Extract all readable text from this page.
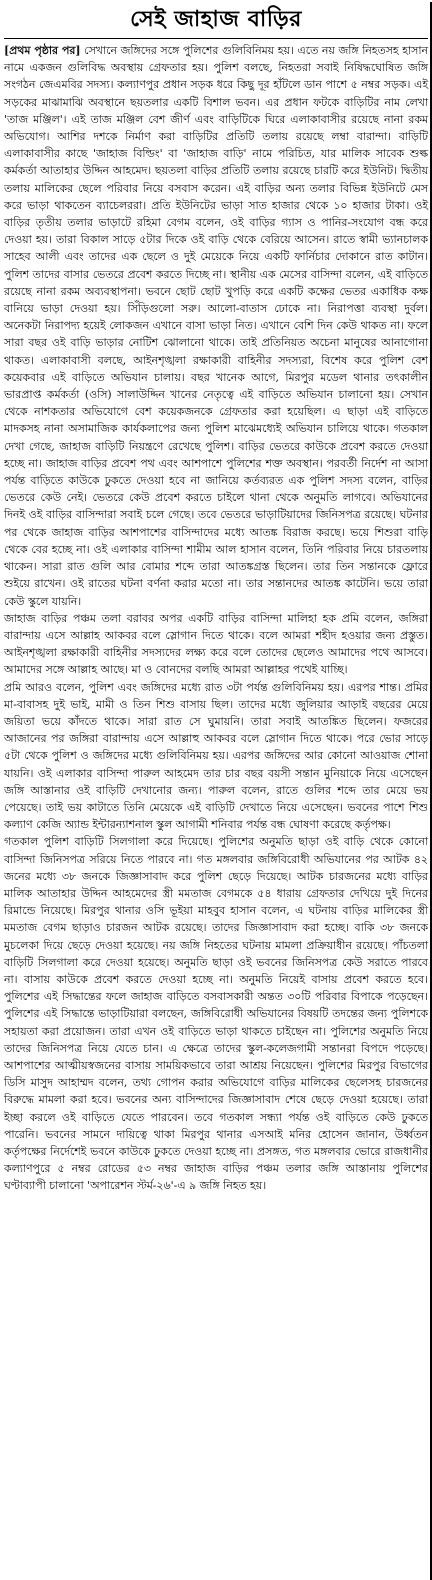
সেই জাহাজ বাড়ির

[প্রথম পৃষ্ঠার পর] সেখানে জঙ্গিদের সঙ্গে পুলিশের গুলিবিনিময় হয়। এতে নয় জঙ্গি নিহতসহ হাসান নামে একজন গুলিবিদ্ধ অবস্থায় গ্রেফতার হয়। পুলিশ বলছে, নিহতরা সবাই নিষিদ্ধঘোষিত জঙ্গি সংগঠন জেএমবির সদস্য। কল্যাণপুর প্রধান সড়ক ধরে কিছু দূর হাঁটলে ডান পাশে ৫ নম্বর সড়ক। এই সড়কের মাঝামাঝি অবস্থানে ছয়তলার একটি বিশাল ভবন। এর প্রধান ফটকে বাড়িটির নাম লেখা 'তাজ মঞ্জিল'। এই তাজ মঞ্জিল বেশ জীর্ণ এবং বাড়িটিকে ঘিরে এলাকাবাসীর রয়েছে নানা রকম অভিযোগ। আশির দশকে নির্মাণ করা বাড়িটির প্রতিটি তলায় রয়েছে লম্বা বারান্দা। বাড়িটি এলাকাবাসীর কাছে 'জাহাজ বিল্ডিং' বা 'জাহাজ বাড়ি' নামে পরিচিত, যার মালিক সাবেক শুল্ক কর্মকর্তা আতাহার উদ্দিন আহমেদ। ছয়তলা বাড়ির প্রতিটি তলায় রয়েছে চারটি করে ইউনিট। দ্বিতীয় তলায় মালিকের ছেলে পরিবার নিয়ে বসবাস করেন। এই বাড়ির অন্য তলার বিভিন্ন ইউনিটে মেস করে ভাড়া থাকতেন ব্যাচেলররা। প্রতি ইউনিটের ভাড়া সাত হাজার থেকে ১০ হাজার টাকা। ওই বাড়ির তৃতীয় তলার ভাড়াটে রহিমা বেগম বলেন, ওই বাড়ির গ্যাস ও পানির-সংযোগ বন্ধ করে দেওয়া হয়। তারা বিকাল সাড়ে ৫টার দিকে ওই বাড়ি থেকে বেরিয়ে আসেন। রাতে স্বামী ভ্যানচালক সাহেব আলী এবং তাদের এক ছেলে ও দুই মেয়েকে নিয়ে একটি ফার্নিচার দোকানে রাত কাটান। পুলিশ তাদের বাসার ভেতরে প্রবেশ করতে দিচ্ছে না। স্থানীয় এক মেসের বাসিন্দা বলেন, এই বাড়িতে রয়েছে নানা রকম অব্যবস্থাপনা। ভবনে ছোট ছোট খুপড়ি করে একটি কক্ষের ভেতর একাধিক কক্ষ বানিয়ে ভাড়া দেওয়া হয়। সিঁড়িগুলো সরু। আলো-বাতাস ঢোকে না। নিরাপত্তা ব্যবস্থা দুর্বল। অনেকটা নিরাপদ্য হয়েই লোকজন এখানে বাসা ভাড়া নিত। এখানে বেশি দিন কেউ থাকত না। ফলে সারা বছর ওই বাড়ি ভাড়ার নোটিশ ঝোলানো থাকে। তাই প্রতিনিয়ত অচেনা মানুষের আনাগোনা থাকত। এলাকাবাসী বলছে, আইনশৃঙ্খলা রক্ষাকারী বাহিনীর সদস্যরা, বিশেষ করে পুলিশ বেশ কয়েকবার এই বাড়িতে অভিযান চালায়। বছর খানেক আগে, মিরপুর মডেল থানার তৎকালীন ভারপ্রাপ্ত কর্মকর্তা (ওসি) সালাউদ্দিন খানের নেতৃত্বে এই বাড়িতে অভিযান চালানো হয়। সেখান থেকে নাশকতার অভিযোগে বেশ কয়েকজনকে গ্রেফতার করা হয়েছিল। এ ছাড়া এই বাড়িতে মাদকসহ নানা অসামাজিক কার্যকলাপের জন্য পুলিশ মাঝেমধ্যেই অভিযান চালিয়ে থাকে। গতকাল দেখা গেছে, জাহাজ বাড়িটি নিয়ন্ত্রণে রেখেছে পুলিশ। বাড়ির ভেতরে কাউকে প্রবেশ করতে দেওয়া হচ্ছে না। জাহাজ বাড়ির প্রবেশ পথ এবং আশপাশে পুলিশের শক্ত অবস্থান। পরবর্তী নির্দেশ না আসা পর্যন্ত বাড়িতে কাউকে ঢুকতে দেওয়া হবে না জানিয়ে কর্তব্যরত এক পুলিশ সদস্য বলেন, বাড়ির ভেতরে কেউ নেই। ভেতরে কেউ প্রবেশ করতে চাইলে থানা থেকে অনুমতি লাগবে। অভিযানের দিনই ওই বাড়ির বাসিন্দারা সবাই চলে গেছে। তবে ভেতরে ভাড়াটিয়াদের জিনিসপত্র রয়েছে। ঘটনার পর থেকে জাহাজ বাড়ির আশপাশের বাসিন্দাদের মধ্যে আতঙ্ক বিরাজ করছে। ভয়ে শিশুরা বাড়ি থেকে বের হচ্ছে না। ওই এলাকার বাসিন্দা শামীম আল হাসান বলেন, তিনি পরিবার নিয়ে চারতলায় থাকেন। সারা রাত গুলি আর বোমার শব্দে তারা আতঙ্কগ্রস্ত ছিলেন। তার তিন সন্তানকে ফ্লোরে শুইয়ে রাখেন। ওই রাতের ঘটনা বর্ণনা করার মতো না। তার সন্তানদের আতঙ্ক কাটেনি। ভয়ে তারা কেউ স্কুলে যায়নি।

জাহাজ বাড়ির পঞ্চম তলা বরাবর অপর একটি বাড়ির বাসিন্দা মালিহা হক প্রমি বলেন, জঙ্গিরা বারান্দায় এসে আল্লাহ আকবর বলে স্লোগান দিতে থাকে। বলে আমরা শহীদ হওয়ার জন্য প্রস্তুত। আইনশৃঙ্খলা রক্ষাকারী বাহিনীর সদস্যদের লক্ষ্য করে বলে তোদের ছেলেও আমাদের পথে আসবে। আমাদের সঙ্গে আল্লাহ আছে। মা ও বোনদের বলছি আমরা আল্লাহর পথেই যাচ্ছি।

প্রমি আরও বলেন, পুলিশ এবং জঙ্গিদের মধ্যে রাত ৩টা পর্যন্ত গুলিবিনিময় হয়। এরপর শান্ত। প্রমির মা-বাবাসহ দুই ভাই, মামী ও তিন শিশু বাসায় ছিল। তাদের মধ্যে জুলিয়ার আড়াই বছরের মেয়ে জয়িতা ভয়ে কাঁদতে থাকে। সারা রাত সে ঘুমায়নি। তারা সবাই আতঙ্কিত ছিলেন। ফজরের আজানের পর জঙ্গিরা বারান্দায় এসে আল্লাহু আকবর বলে স্লোগান দিতে থাকে। পরে ভোর সাড়ে ৫টা থেকে পুলিশ ও জঙ্গিদের মধ্যে গুলিবিনিময় হয়। এরপর জঙ্গিদের আর কোনো আওয়াজ শোনা যায়নি। ওই এলাকার বাসিন্দা পারুল আহমেদ তার চার বছর বয়সী সন্তান মুনিয়াকে নিয়ে এসেছেন জঙ্গি আস্তানার ওই বাড়িটি দেখানোর জন্য। পারুল বলেন, রাতে গুলির শব্দে তার মেয়ে ভয় পেয়েছে। তাই ভয় কাটাতে তিনি মেয়েকে এই বাড়িটি দেখাতে নিয়ে এসেছেন। ভবনের পাশে শিশু কল্যাণ কেজি অ্যান্ড ইন্টারন্যাশনাল স্কুল আগামী শনিবার পর্যন্ত বন্ধ ঘোষণা করেছে কর্তৃপক্ষ।

গতকাল পুলিশ বাড়িটি সিলগালা করে দিয়েছে। পুলিশের অনুমতি ছাড়া ওই বাড়ি থেকে কোনো বাসিন্দা জিনিসপত্র সরিয়ে নিতে পারবে না। গত মঙ্গলবার জঙ্গিবিরোধী অভিযানের পর আটক ৪২ জনের মধ্যে ৩৮ জনকে জিজ্ঞাসাবাদ করে পুলিশ ছেড়ে দিয়েছে। আটক চারজনের মধ্যে বাড়ির মালিক আতাহার উদ্দিন আহমেদের স্ত্রী মমতাজ বেগমকে ৫৪ ধারায় গ্রেফতার দেখিয়ে দুই দিনের রিমান্ডে নিয়েছে। মিরপুর থানার ওসি ভূইয়া মাহবুব হাসান বলেন, এ ঘটনায় বাড়ির মালিকের স্ত্রী মমতাজ বেগম ছাড়াও চারজন আটক রয়েছে। তাদের জিজ্ঞাসাবাদ করা হচ্ছে। বাকি ৩৮ জনকে মুচলেকা দিয়ে ছেড়ে দেওয়া হয়েছে। নয় জঙ্গি নিহতের ঘটনায় মামলা প্রক্রিয়াধীন রয়েছে। পাঁচতলা বাড়িটি সিলগালা করে দেওয়া হয়েছে। অনুমতি ছাড়া ওই ভবনের জিনিসপত্র কেউ সরাতে পারবে না। বাসায় কাউকে প্রবেশ করতে দেওয়া হচ্ছে না। অনুমতি নিয়েই বাসায় প্রবেশ করতে হবে। পুলিশের এই সিদ্ধান্তের ফলে জাহাজ বাড়িতে বসবাসকারী অন্তত ৩০টি পরিবার বিপাকে পড়েছেন। পুলিশের এই সিদ্ধান্তে ভাড়াটিয়ারা বলছেন, জঙ্গিবিরোধী অভিযানের বিষয়টি তদন্তের জন্য পুলিশকে সহায়তা করা প্রয়োজন। তারা এখন ওই বাড়িতে ভাড়া থাকতে চাইছেন না। পুলিশের অনুমতি নিয়ে তাদের জিনিসপত্র নিয়ে যেতে চান। এ ক্ষেত্রে তাদের স্কুল-কলেজগামী সন্তানরা বিপদে পড়েছে। আশপাশের আত্মীয়স্বজনের বাসায় সাময়িকভাবে তারা আশ্রয় নিয়েছেন। পুলিশের মিরপুর বিভাগের ডিসি মাসুদ আহাম্মদ বলেন, তথ্য গোপন করার অভিযোগে বাড়ির মালিকের ছেলেসহ চারজনের বিরুদ্ধে মামলা করা হবে। ভবনের অন্য বাসিন্দাদের জিজ্ঞাসাবাদ শেষে ছেড়ে দেওয়া হয়েছে। তারা ইচ্ছা করলে ওই বাড়িতে যেতে পারবেন। তবে গতকাল সন্ধ্যা পর্যন্ত ওই বাড়িতে কেউ ঢুকতে পারেনি। ভবনের সামনে দায়িত্বে থাকা মিরপুর থানার এসআই মনির হোসেন জানান, উর্ধ্বতন কর্তৃপক্ষের নির্দেশেই ভবনে কাউকে ঢুকতে দেওয়া হচ্ছে না। প্রসঙ্গত, গত মঙ্গলবার ভোরে রাজধানীর কল্যাণপুরে ৫ নম্বর রোডের ৫৩ নম্বর জাহাজ বাড়ির পঞ্চম তলার জঙ্গি আস্তানায় পুলিশের ঘণ্টাব্যাপী চালানো 'অপারেশন স্টর্ম-২৬'-এ ৯ জঙ্গি নিহত হয়।
